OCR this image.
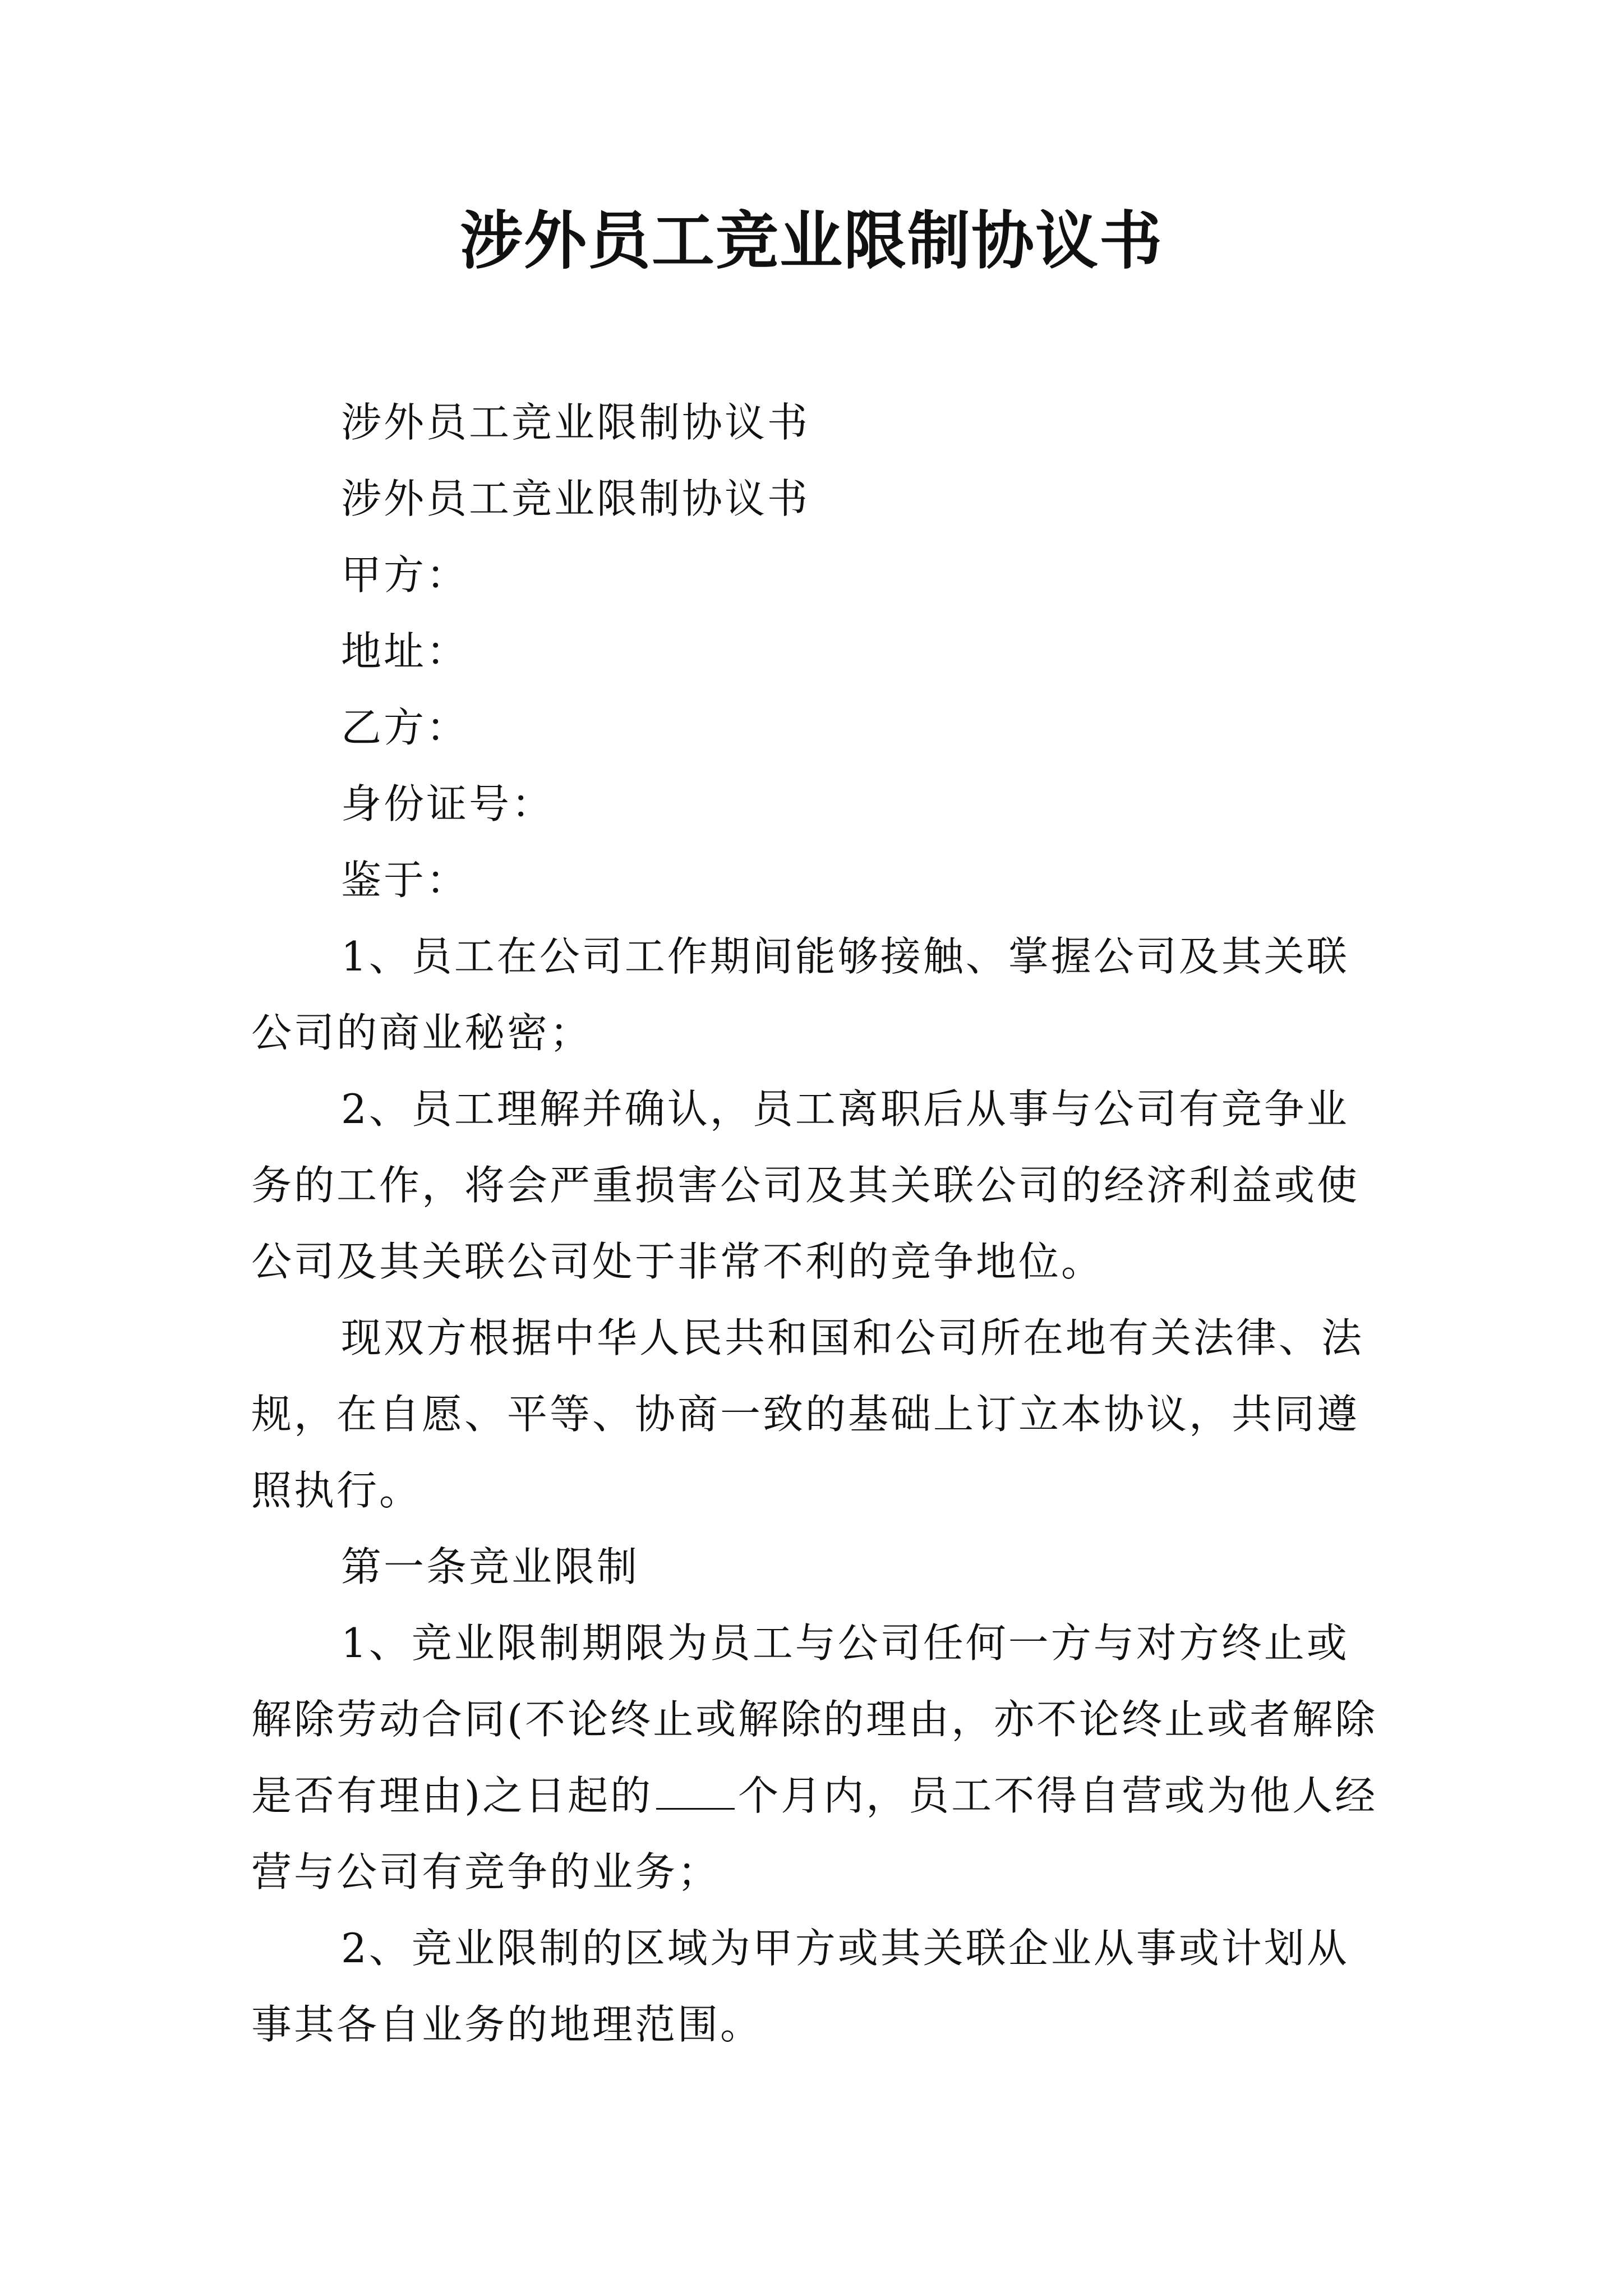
涉外员工竞业限制协议书

涉外员工竞业限制协议书

涉外员工竞业限制协议书

甲方：

地址：

乙方：

身份证号：

鉴于：

1、员工在公司工作期间能够接触、掌握公司及其关联公司的商业秘密；

2、员工理解并确认，员工离职后从事与公司有竞争业务的工作，将会严重损害公司及其关联公司的经济利益或使公司及其关联公司处于非常不利的竞争地位。

现双方根据中华人民共和国和公司所在地有关法律、法规，在自愿、平等、协商一致的基础上订立本协议，共同遵照执行。

第一条竞业限制

1、竞业限制期限为员工与公司任何一方与对方终止或解除劳动合同(不论终止或解除的理由，亦不论终止或者解除是否有理由)之日起的 个月内，员工不得自营或为他人经营与公司有竞争的业务；

2、竞业限制的区域为甲方或其关联企业从事或计划从事其各自业务的地理范围。
